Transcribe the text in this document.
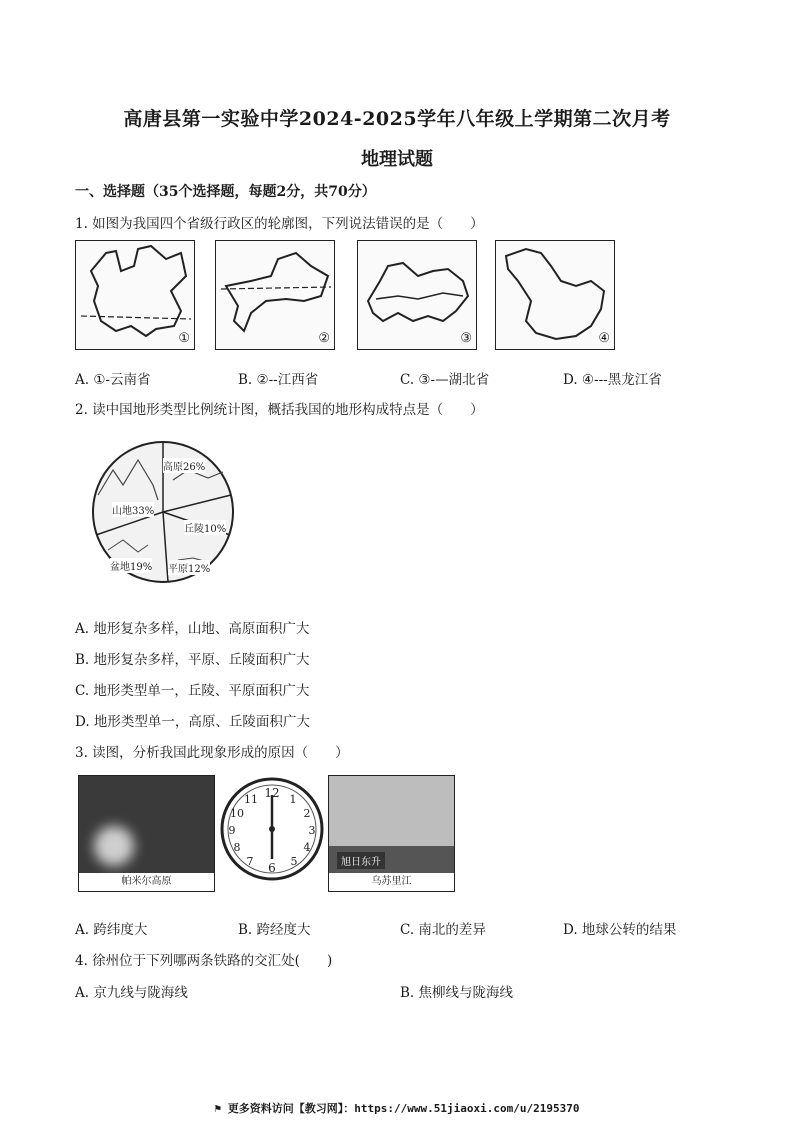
高唐县第一实验中学2024-2025学年八年级上学期第二次月考
地理试题
一、选择题（35个选择题，每题2分，共70分）
1. 如图为我国四个省级行政区的轮廓图，下列说法错误的是（　　）
①	②	③	④
A. ①-云南省	B. ②--江西省	C. ③-—湖北省	D. ④---黑龙江省
2. 读中国地形类型比例统计图，概括我国的地形构成特点是（　　）
高原26%
山地33%
丘陵10%
盆地19% 平原12%
A. 地形复杂多样，山地、高原面积广大
B. 地形复杂多样，平原、丘陵面积广大
C. 地形类型单一，丘陵、平原面积广大
D. 地形类型单一，高原、丘陵面积广大
3. 读图，分析我国此现象形成的原因（　　）
帕米尔高原
12 1
2
3
4
5
6
7
8
9
10
11
旭日东升
乌苏里江
A. 跨纬度大	B. 跨经度大	C. 南北的差异	D. 地球公转的结果
4. 徐州位于下列哪两条铁路的交汇处(　　)
A. 京九线与陇海线	B. 焦柳线与陇海线
⚑ 更多资料访问【教习网】：https://www.51jiaoxi.com/u/2195370
